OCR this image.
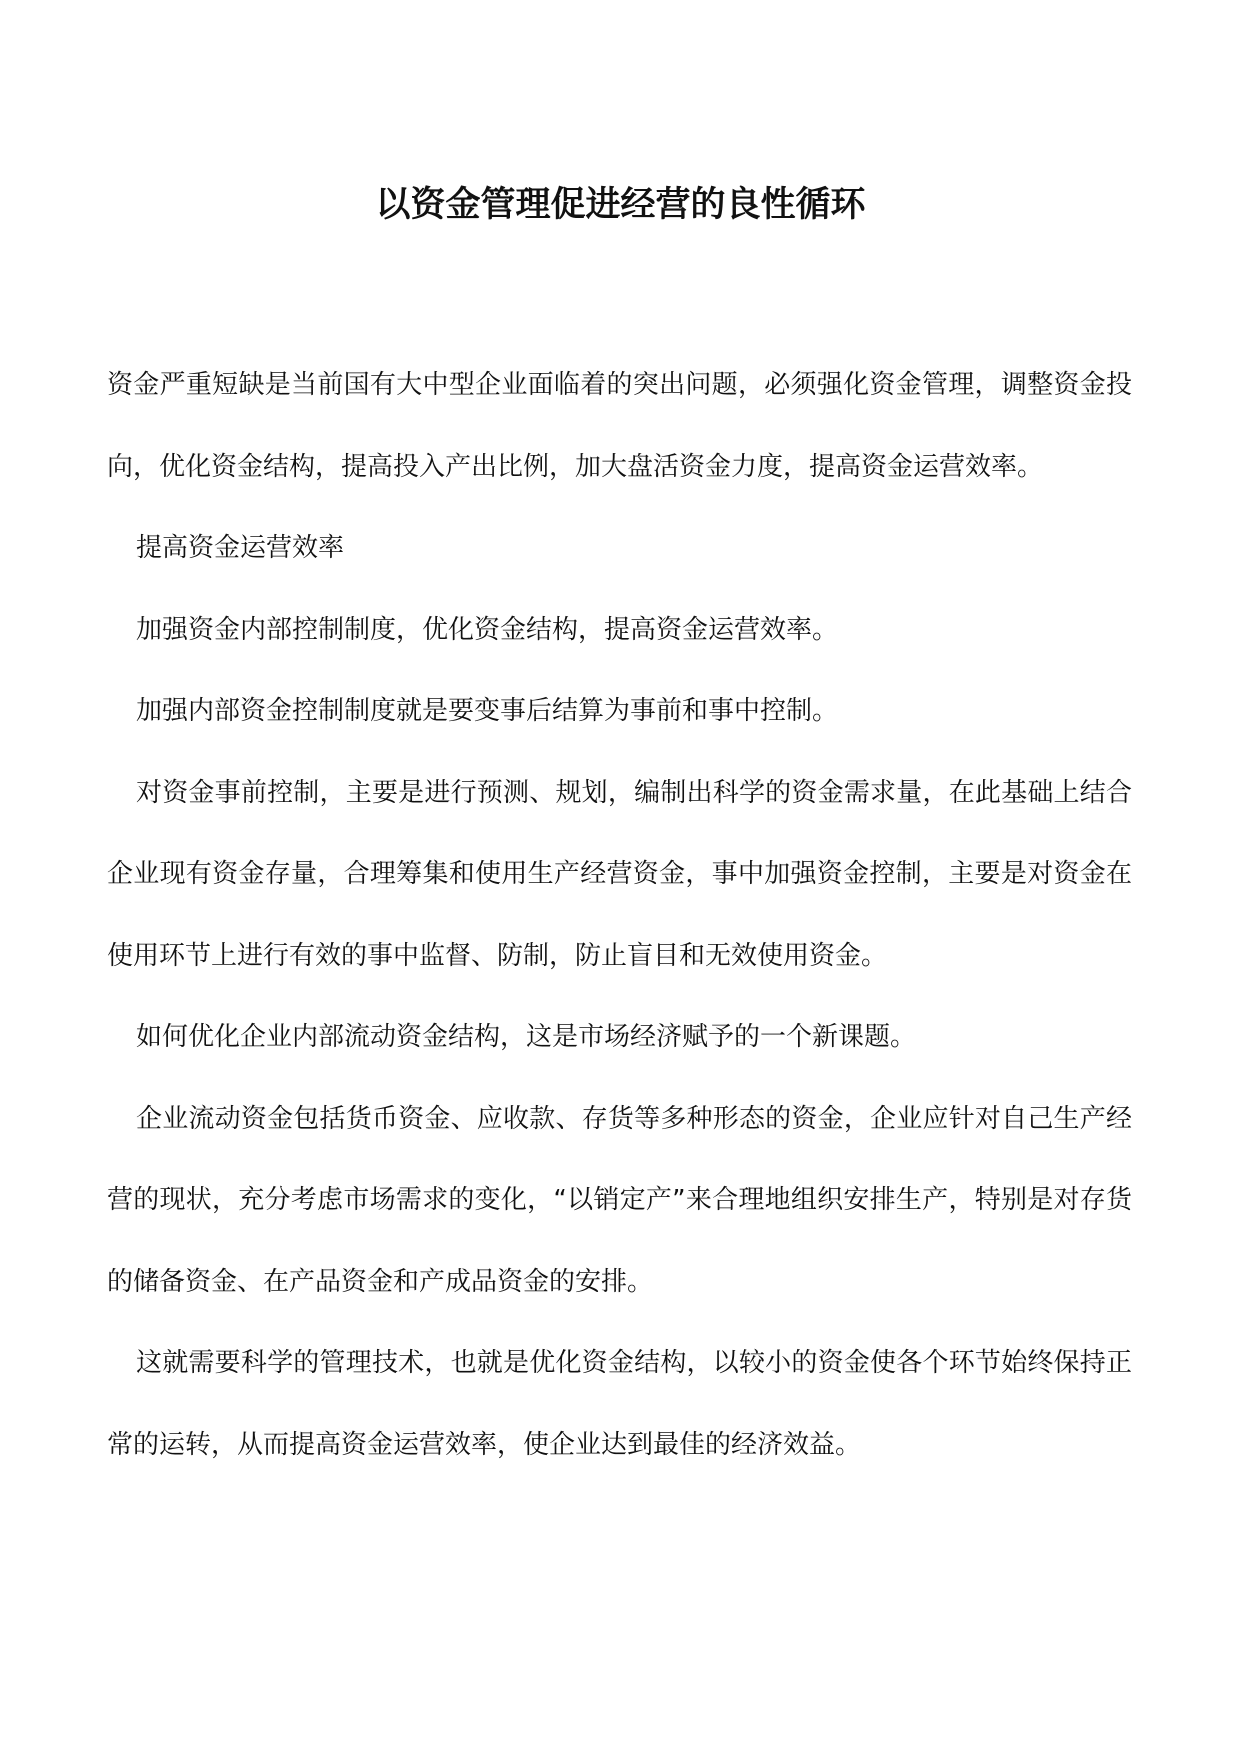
以资金管理促进经营的良性循环

资金严重短缺是当前国有大中型企业面临着的突出问题，必须强化资金管理，调整资金投向，优化资金结构，提高投入产出比例，加大盘活资金力度，提高资金运营效率。

提高资金运营效率

加强资金内部控制制度，优化资金结构，提高资金运营效率。

加强内部资金控制制度就是要变事后结算为事前和事中控制。

对资金事前控制，主要是进行预测、规划，编制出科学的资金需求量，在此基础上结合企业现有资金存量，合理筹集和使用生产经营资金，事中加强资金控制，主要是对资金在使用环节上进行有效的事中监督、防制，防止盲目和无效使用资金。

如何优化企业内部流动资金结构，这是市场经济赋予的一个新课题。

企业流动资金包括货币资金、应收款、存货等多种形态的资金，企业应针对自己生产经营的现状，充分考虑市场需求的变化，“以销定产”来合理地组织安排生产，特别是对存货的储备资金、在产品资金和产成品资金的安排。

这就需要科学的管理技术，也就是优化资金结构，以较小的资金使各个环节始终保持正常的运转，从而提高资金运营效率，使企业达到最佳的经济效益。
